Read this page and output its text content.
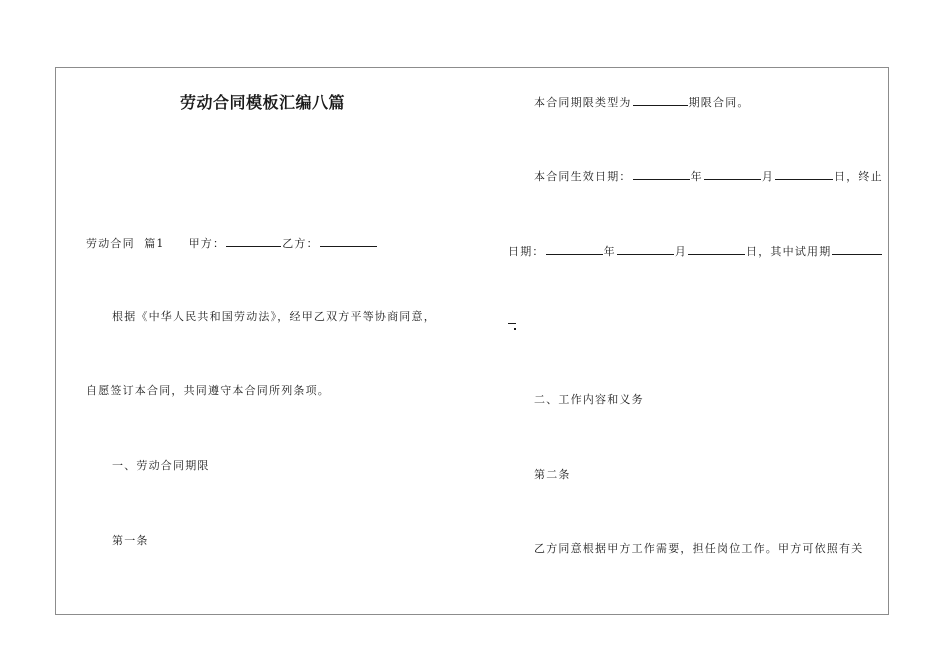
劳动合同模板汇编八篇
劳动合同  篇1 甲方：	乙方：
根据《中华人民共和国劳动法》，经甲乙双方平等协商同意，
自愿签订本合同，共同遵守本合同所列条项。
一、劳动合同期限
第一条
本合同期限类型为	期限合同。
本合同生效日期：	年	月	日，终止
日期：	年	月	日，其中试用期
二、工作内容和义务
第二条
乙方同意根据甲方工作需要，担任岗位工作。甲方可依照有关
